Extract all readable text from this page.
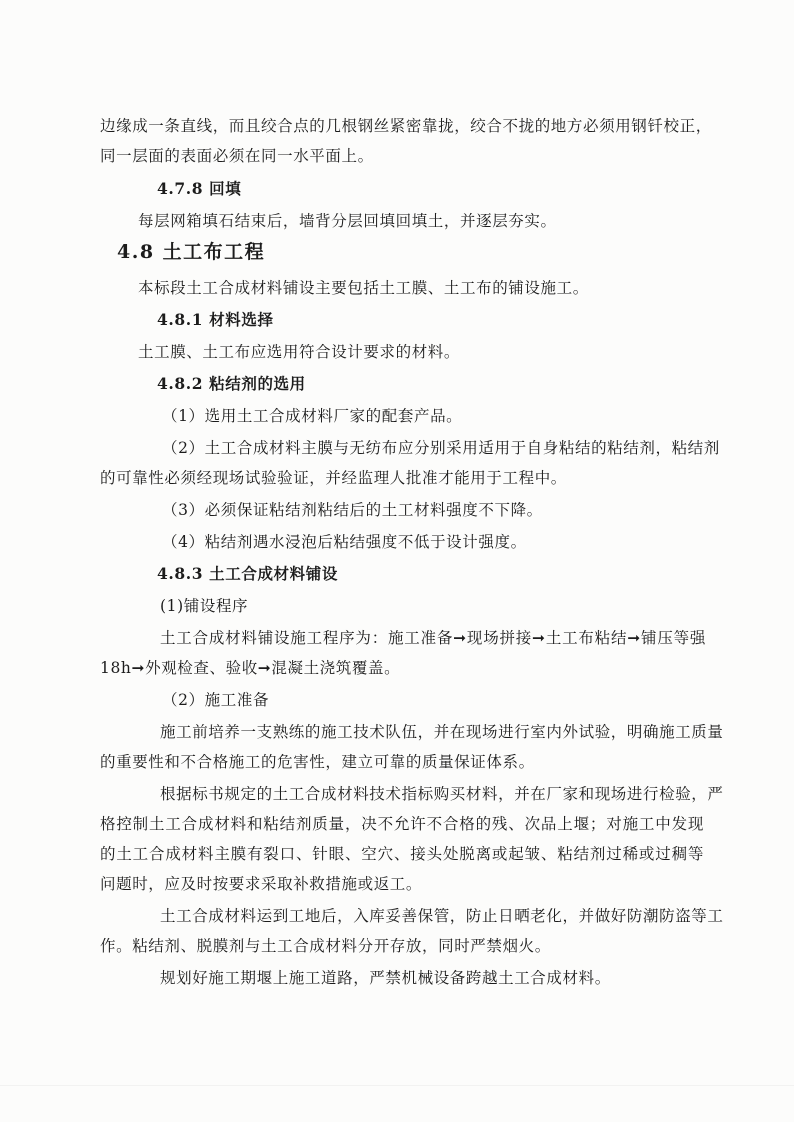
边缘成一条直线，而且绞合点的几根钢丝紧密靠拢，绞合不拢的地方必须用钢钎校正，
同一层面的表面必须在同一水平面上。
4.7.8 回填
每层网箱填石结束后，墙背分层回填回填土，并逐层夯实。
4.8 土工布工程
本标段土工合成材料铺设主要包括土工膜、土工布的铺设施工。
4.8.1 材料选择
土工膜、土工布应选用符合设计要求的材料。
4.8.2 粘结剂的选用
（1）选用土工合成材料厂家的配套产品。
（2）土工合成材料主膜与无纺布应分别采用适用于自身粘结的粘结剂，粘结剂
的可靠性必须经现场试验验证，并经监理人批准才能用于工程中。
（3）必须保证粘结剂粘结后的土工材料强度不下降。
（4）粘结剂遇水浸泡后粘结强度不低于设计强度。
4.8.3 土工合成材料铺设
(1)铺设程序
土工合成材料铺设施工程序为：施工准备➞现场拼接➞土工布粘结➞铺压等强
18h➞外观检查、验收➞混凝土浇筑覆盖。
（2）施工准备
施工前培养一支熟练的施工技术队伍，并在现场进行室内外试验，明确施工质量
的重要性和不合格施工的危害性，建立可靠的质量保证体系。
根据标书规定的土工合成材料技术指标购买材料，并在厂家和现场进行检验，严
格控制土工合成材料和粘结剂质量，决不允许不合格的残、次品上堰；对施工中发现
的土工合成材料主膜有裂口、针眼、空穴、接头处脱离或起皱、粘结剂过稀或过稠等
问题时，应及时按要求采取补救措施或返工。
土工合成材料运到工地后，入库妥善保管，防止日晒老化，并做好防潮防盗等工
作。粘结剂、脱膜剂与土工合成材料分开存放，同时严禁烟火。
规划好施工期堰上施工道路，严禁机械设备跨越土工合成材料。
